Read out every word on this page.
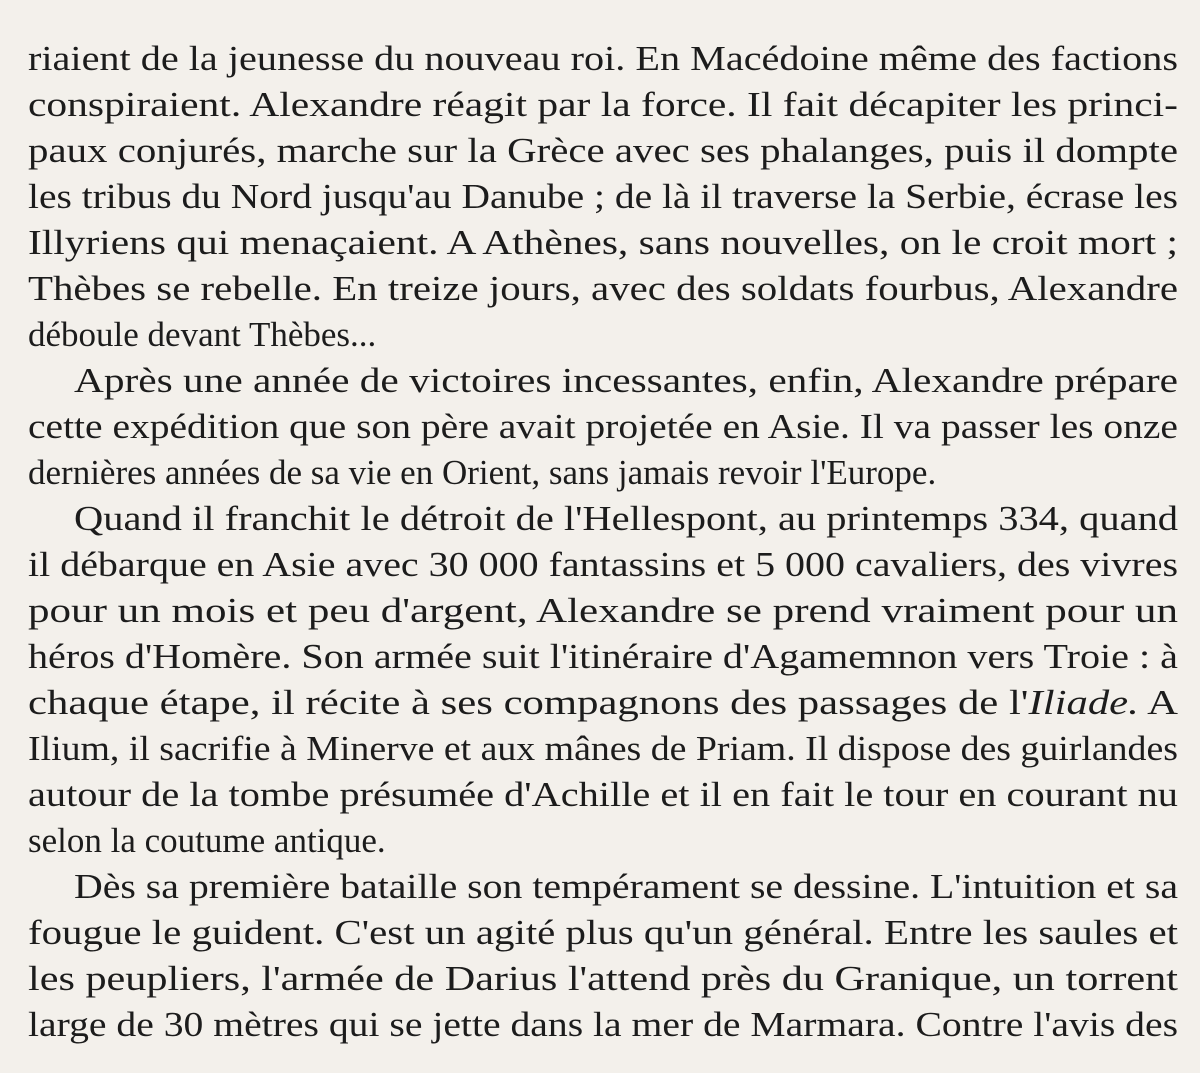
riaient de la jeunesse du nouveau roi. En Macédoine même des factions
conspiraient. Alexandre réagit par la force. Il fait décapiter les princi-
paux conjurés, marche sur la Grèce avec ses phalanges, puis il dompte
les tribus du Nord jusqu'au Danube ; de là il traverse la Serbie, écrase les
Illyriens qui menaçaient. A Athènes, sans nouvelles, on le croit mort ;
Thèbes se rebelle. En treize jours, avec des soldats fourbus, Alexandre
déboule devant Thèbes...
Après une année de victoires incessantes, enfin, Alexandre prépare
cette expédition que son père avait projetée en Asie. Il va passer les onze
dernières années de sa vie en Orient, sans jamais revoir l'Europe.
Quand il franchit le détroit de l'Hellespont, au printemps 334, quand
il débarque en Asie avec 30 000 fantassins et 5 000 cavaliers, des vivres
pour un mois et peu d'argent, Alexandre se prend vraiment pour un
héros d'Homère. Son armée suit l'itinéraire d'Agamemnon vers Troie : à
chaque étape, il récite à ses compagnons des passages de l'Iliade. A
Ilium, il sacrifie à Minerve et aux mânes de Priam. Il dispose des guirlandes
autour de la tombe présumée d'Achille et il en fait le tour en courant nu
selon la coutume antique.
Dès sa première bataille son tempérament se dessine. L'intuition et sa
fougue le guident. C'est un agité plus qu'un général. Entre les saules et
les peupliers, l'armée de Darius l'attend près du Granique, un torrent
large de 30 mètres qui se jette dans la mer de Marmara. Contre l'avis des
